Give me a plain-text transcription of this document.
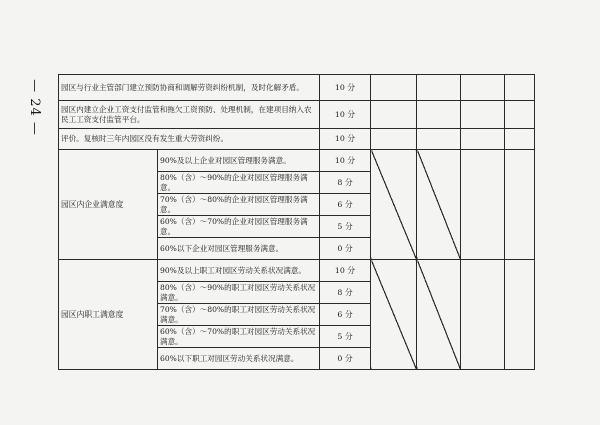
— 24 —	园区与行业主管部门建立预防协商和调解劳资纠纷机制，及时化解矛盾。		10 分				
园区内建立企业工资支付监管和拖欠工资预防、处理机制，在建项目纳入农民工工资支付监管平台。		10 分				
评价。复核时三年内园区没有发生重大劳资纠纷。		10 分				
园区内企业满意度	90%及以上企业对园区管理服务满意。	10 分				
	80%（含）～90%的企业对园区管理服务满意。	8 分				
	70%（含）～80%的企业对园区管理服务满意。	6 分				
	60%（含）～70%的企业对园区管理服务满意。	5 分				
	60%以下企业对园区管理服务满意。	0 分				
园区内职工满意度	90%及以上职工对园区劳动关系状况满意。	10 分				
	80%（含）～90%的职工对园区劳动关系状况满意。	8 分				
	70%（含）～80%的职工对园区劳动关系状况满意。	6 分				
	60%（含）～70%的职工对园区劳动关系状况满意。	5 分				
	60%以下职工对园区劳动关系状况满意。	0 分				
